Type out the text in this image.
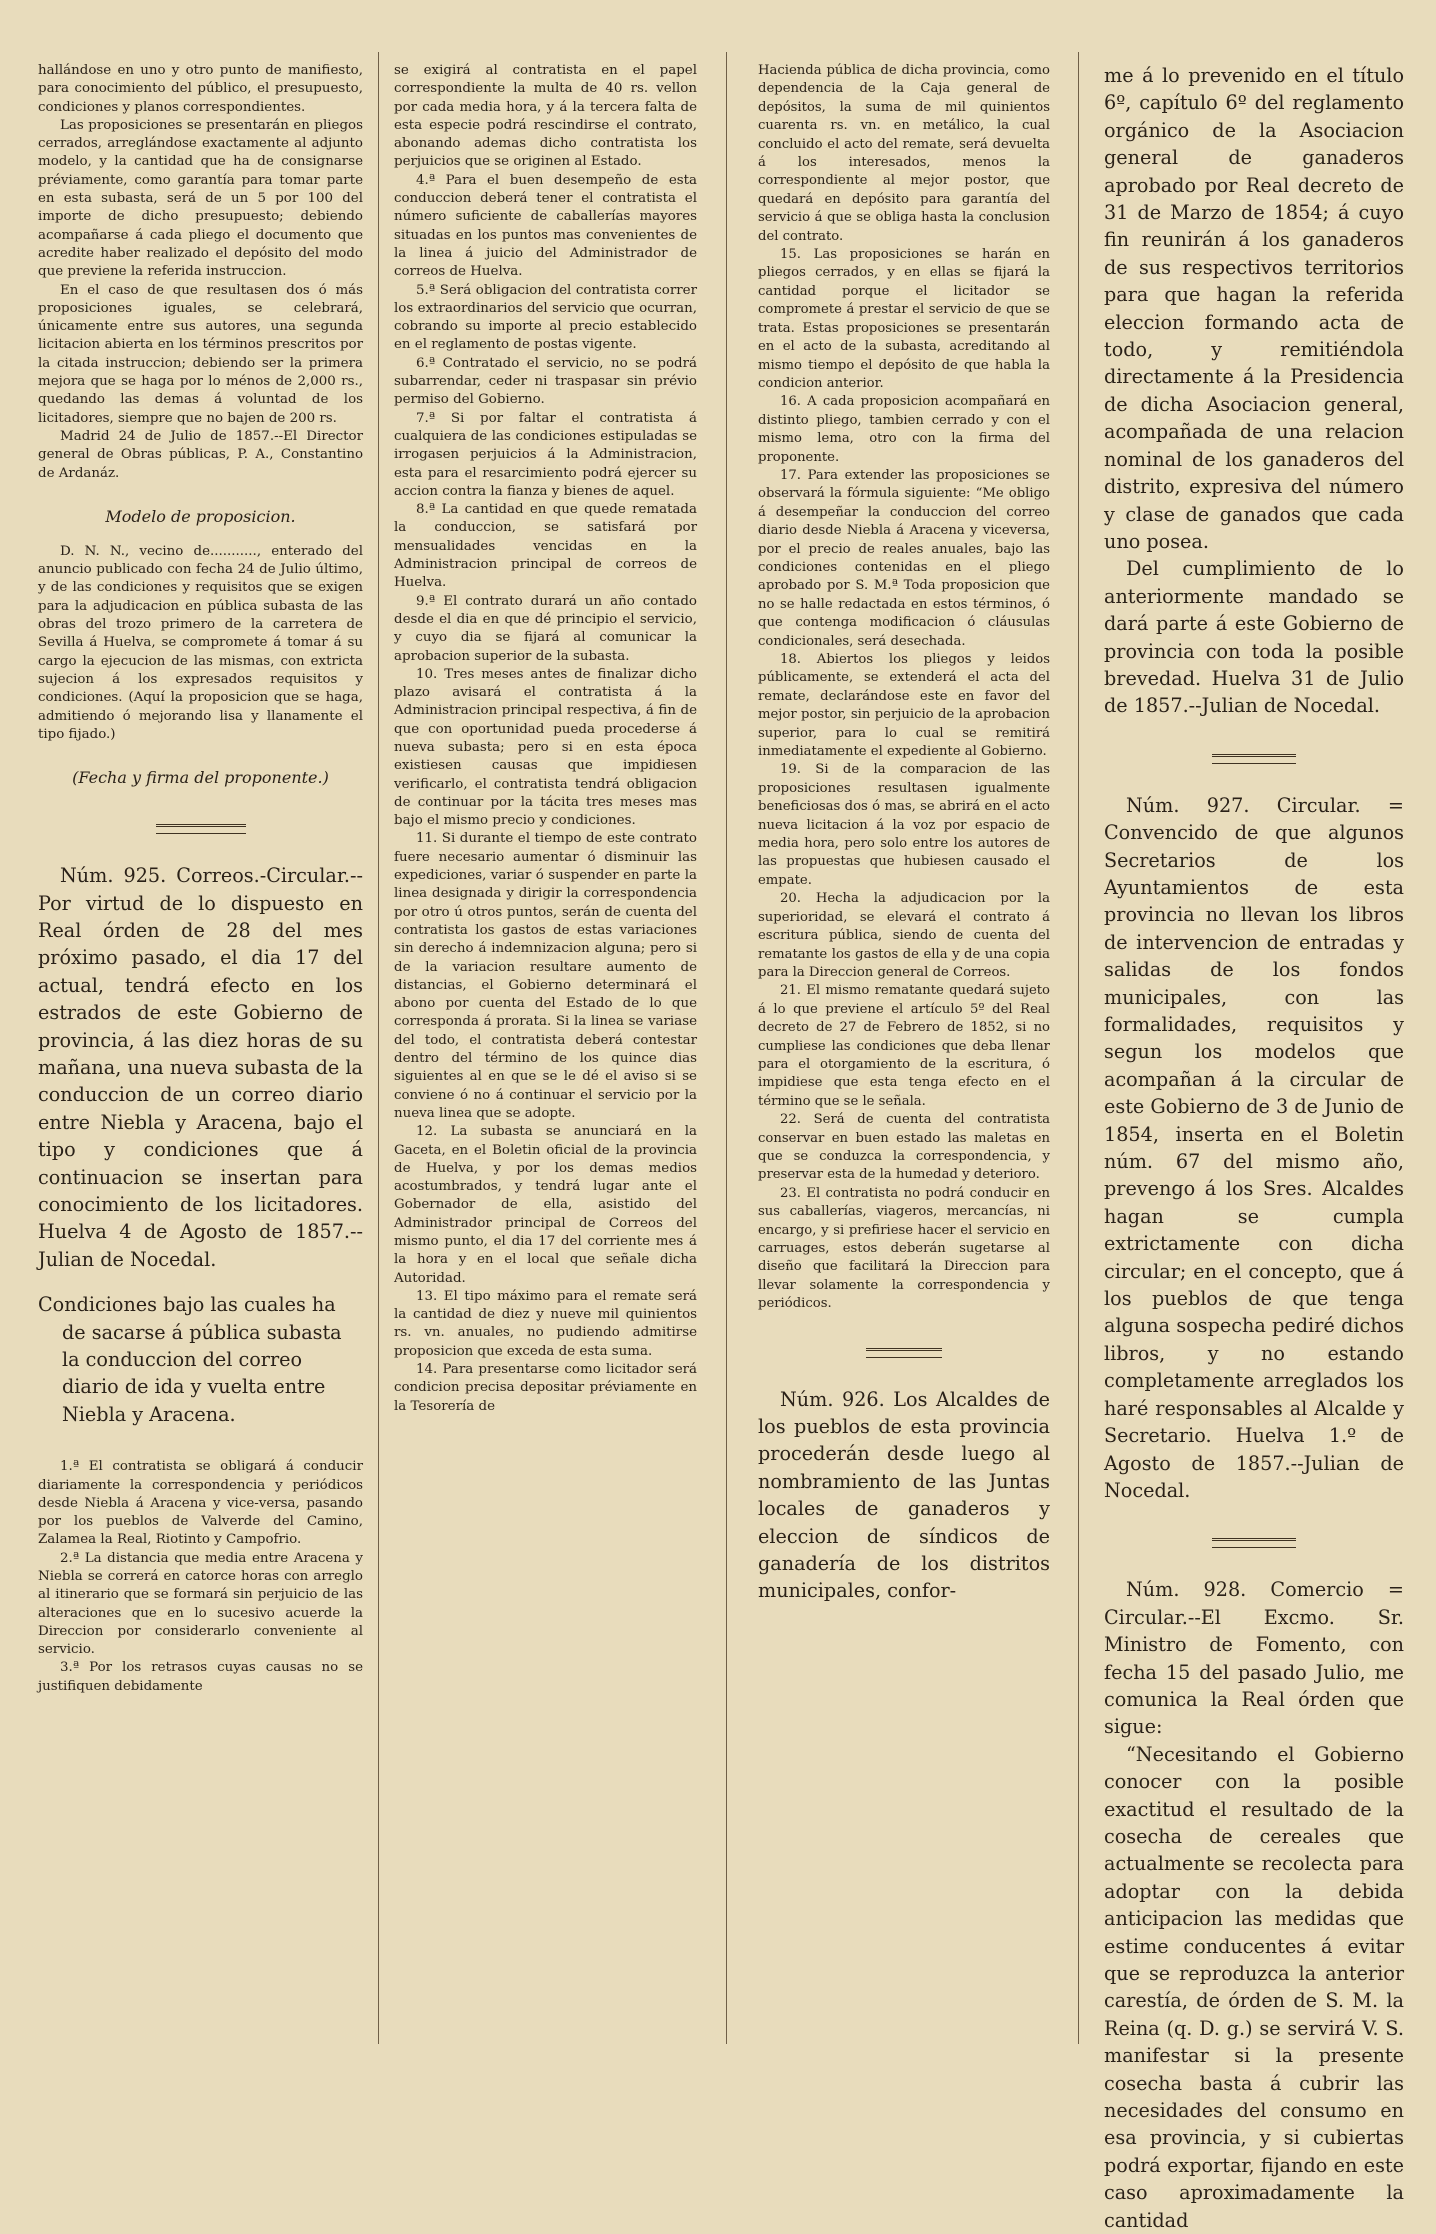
hallándose en uno y otro punto de manifiesto, para conocimiento del público, el presupuesto, condiciones y planos correspondientes.

Las proposiciones se presentarán en pliegos cerrados, arreglándose exactamente al adjunto modelo, y la cantidad que ha de consignarse préviamente, como garantía para tomar parte en esta subasta, será de un 5 por 100 del importe de dicho presupuesto; debiendo acompañarse á cada pliego el documento que acredite haber realizado el depósito del modo que previene la referida instruccion.

En el caso de que resultasen dos ó más proposiciones iguales, se celebrará, únicamente entre sus autores, una segunda licitacion abierta en los términos prescritos por la citada instruccion; debiendo ser la primera mejora que se haga por lo ménos de 2,000 rs., quedando las demas á voluntad de los licitadores, siempre que no bajen de 200 rs.

Madrid 24 de Julio de 1857.--El Director general de Obras públicas, P. A., Constantino de Ardanáz.

Modelo de proposicion.

D. N. N., vecino de..........., enterado del anuncio publicado con fecha 24 de Julio último, y de las condiciones y requisitos que se exigen para la adjudicacion en pública subasta de las obras del trozo primero de la carretera de Sevilla á Huelva, se compromete á tomar á su cargo la ejecucion de las mismas, con extricta sujecion á los expresados requisitos y condiciones. (Aquí la proposicion que se haga, admitiendo ó mejorando lisa y llanamente el tipo fijado.)

(Fecha y firma del proponente.)

Núm. 925. Correos.-Circular.--Por virtud de lo dispuesto en Real órden de 28 del mes próximo pasado, el dia 17 del actual, tendrá efecto en los estrados de este Gobierno de provincia, á las diez horas de su mañana, una nueva subasta de la conduccion de un correo diario entre Niebla y Aracena, bajo el tipo y condiciones que á continuacion se insertan para conocimiento de los licitadores. Huelva 4 de Agosto de 1857.--Julian de Nocedal.

Condiciones bajo las cuales ha de sacarse á pública subasta la conduccion del correo diario de ida y vuelta entre Niebla y Aracena.

1.ª El contratista se obligará á conducir diariamente la correspondencia y periódicos desde Niebla á Aracena y vice-versa, pasando por los pueblos de Valverde del Camino, Zalamea la Real, Riotinto y Campofrio.

2.ª La distancia que media entre Aracena y Niebla se correrá en catorce horas con arreglo al itinerario que se formará sin perjuicio de las alteraciones que en lo sucesivo acuerde la Direccion por considerarlo conveniente al servicio.

3.ª Por los retrasos cuyas causas no se justifiquen debidamente

se exigirá al contratista en el papel correspondiente la multa de 40 rs. vellon por cada media hora, y á la tercera falta de esta especie podrá rescindirse el contrato, abonando ademas dicho contratista los perjuicios que se originen al Estado.

4.ª Para el buen desempeño de esta conduccion deberá tener el contratista el número suficiente de caballerías mayores situadas en los puntos mas convenientes de la linea á juicio del Administrador de correos de Huelva.

5.ª Será obligacion del contratista correr los extraordinarios del servicio que ocurran, cobrando su importe al precio establecido en el reglamento de postas vigente.

6.ª Contratado el servicio, no se podrá subarrendar, ceder ni traspasar sin prévio permiso del Gobierno.

7.ª Si por faltar el contratista á cualquiera de las condiciones estipuladas se irrogasen perjuicios á la Administracion, esta para el resarcimiento podrá ejercer su accion contra la fianza y bienes de aquel.

8.ª La cantidad en que quede rematada la conduccion, se satisfará por mensualidades vencidas en la Administracion principal de correos de Huelva.

9.ª El contrato durará un año contado desde el dia en que dé principio el servicio, y cuyo dia se fijará al comunicar la aprobacion superior de la subasta.

10. Tres meses antes de finalizar dicho plazo avisará el contratista á la Administracion principal respectiva, á fin de que con oportunidad pueda procederse á nueva subasta; pero si en esta época existiesen causas que impidiesen verificarlo, el contratista tendrá obligacion de continuar por la tácita tres meses mas bajo el mismo precio y condiciones.

11. Si durante el tiempo de este contrato fuere necesario aumentar ó disminuir las expediciones, variar ó suspender en parte la linea designada y dirigir la correspondencia por otro ú otros puntos, serán de cuenta del contratista los gastos de estas variaciones sin derecho á indemnizacion alguna; pero si de la variacion resultare aumento de distancias, el Gobierno determinará el abono por cuenta del Estado de lo que corresponda á prorata. Si la linea se variase del todo, el contratista deberá contestar dentro del término de los quince dias siguientes al en que se le dé el aviso si se conviene ó no á continuar el servicio por la nueva linea que se adopte.

12. La subasta se anunciará en la Gaceta, en el Boletin oficial de la provincia de Huelva, y por los demas medios acostumbrados, y tendrá lugar ante el Gobernador de ella, asistido del Administrador principal de Correos del mismo punto, el dia 17 del corriente mes á la hora y en el local que señale dicha Autoridad.

13. El tipo máximo para el remate será la cantidad de diez y nueve mil quinientos rs. vn. anuales, no pudiendo admitirse proposicion que exceda de esta suma.

14. Para presentarse como licitador será condicion precisa depositar préviamente en la Tesorería de

Hacienda pública de dicha provincia, como dependencia de la Caja general de depósitos, la suma de mil quinientos cuarenta rs. vn. en metálico, la cual concluido el acto del remate, será devuelta á los interesados, menos la correspondiente al mejor postor, que quedará en depósito para garantía del servicio á que se obliga hasta la conclusion del contrato.

15. Las proposiciones se harán en pliegos cerrados, y en ellas se fijará la cantidad porque el licitador se compromete á prestar el servicio de que se trata. Estas proposiciones se presentarán en el acto de la subasta, acreditando al mismo tiempo el depósito de que habla la condicion anterior.

16. A cada proposicion acompañará en distinto pliego, tambien cerrado y con el mismo lema, otro con la firma del proponente.

17. Para extender las proposiciones se observará la fórmula siguiente: “Me obligo á desempeñar la conduccion del correo diario desde Niebla á Aracena y viceversa, por el precio de reales anuales, bajo las condiciones contenidas en el pliego aprobado por S. M.ª Toda proposicion que no se halle redactada en estos términos, ó que contenga modificacion ó cláusulas condicionales, será desechada.

18. Abiertos los pliegos y leidos públicamente, se extenderá el acta del remate, declarándose este en favor del mejor postor, sin perjuicio de la aprobacion superior, para lo cual se remitirá inmediatamente el expediente al Gobierno.

19. Si de la comparacion de las proposiciones resultasen igualmente beneficiosas dos ó mas, se abrirá en el acto nueva licitacion á la voz por espacio de media hora, pero solo entre los autores de las propuestas que hubiesen causado el empate.

20. Hecha la adjudicacion por la superioridad, se elevará el contrato á escritura pública, siendo de cuenta del rematante los gastos de ella y de una copia para la Direccion general de Correos.

21. El mismo rematante quedará sujeto á lo que previene el artículo 5º del Real decreto de 27 de Febrero de 1852, si no cumpliese las condiciones que deba llenar para el otorgamiento de la escritura, ó impidiese que esta tenga efecto en el término que se le señala.

22. Será de cuenta del contratista conservar en buen estado las maletas en que se conduzca la correspondencia, y preservar esta de la humedad y deterioro.

23. El contratista no podrá conducir en sus caballerías, viageros, mercancías, ni encargo, y si prefiriese hacer el servicio en carruages, estos deberán sugetarse al diseño que facilitará la Direccion para llevar solamente la correspondencia y periódicos.

Núm. 926. Los Alcaldes de los pueblos de esta provincia procederán desde luego al nombramiento de las Juntas locales de ganaderos y eleccion de síndicos de ganadería de los distritos municipales, confor-

me á lo prevenido en el título 6º, capítulo 6º del reglamento orgánico de la Asociacion general de ganaderos aprobado por Real decreto de 31 de Marzo de 1854; á cuyo fin reunirán á los ganaderos de sus respectivos territorios para que hagan la referida eleccion formando acta de todo, y remitiéndola directamente á la Presidencia de dicha Asociacion general, acompañada de una relacion nominal de los ganaderos del distrito, expresiva del número y clase de ganados que cada uno posea.

Del cumplimiento de lo anteriormente mandado se dará parte á este Gobierno de provincia con toda la posible brevedad. Huelva 31 de Julio de 1857.--Julian de Nocedal.

Núm. 927. Circular. = Convencido de que algunos Secretarios de los Ayuntamientos de esta provincia no llevan los libros de intervencion de entradas y salidas de los fondos municipales, con las formalidades, requisitos y segun los modelos que acompañan á la circular de este Gobierno de 3 de Junio de 1854, inserta en el Boletin núm. 67 del mismo año, prevengo á los Sres. Alcaldes hagan se cumpla extrictamente con dicha circular; en el concepto, que á los pueblos de que tenga alguna sospecha pediré dichos libros, y no estando completamente arreglados los haré responsables al Alcalde y Secretario. Huelva 1.º de Agosto de 1857.--Julian de Nocedal.

Núm. 928. Comercio = Circular.--El Excmo. Sr. Ministro de Fomento, con fecha 15 del pasado Julio, me comunica la Real órden que sigue:

“Necesitando el Gobierno conocer con la posible exactitud el resultado de la cosecha de cereales que actualmente se recolecta para adoptar con la debida anticipacion las medidas que estime conducentes á evitar que se reproduzca la anterior carestía, de órden de S. M. la Reina (q. D. g.) se servirá V. S. manifestar si la presente cosecha basta á cubrir las necesidades del consumo en esa provincia, y si cubiertas podrá exportar, fijando en este caso aproximadamente la cantidad
